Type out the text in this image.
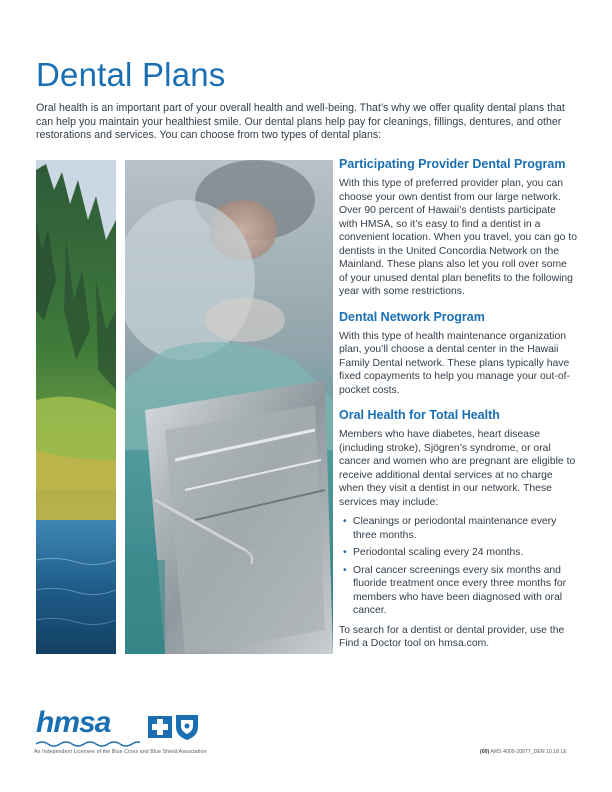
Dental Plans

Oral health is an important part of your overall health and well-being. That’s why we offer quality dental plans that can help you maintain your healthiest smile. Our dental plans help pay for cleanings, fillings, dentures, and other restorations and services. You can choose from two types of dental plans:

Participating Provider Dental Program

With this type of preferred provider plan, you can choose your own dentist from our large network. Over 90 percent of Hawaii’s dentists participate with HMSA, so it’s easy to find a dentist in a convenient location. When you travel, you can go to dentists in the United Concordia Network on the Mainland. These plans also let you roll over some of your unused dental plan benefits to the following year with some restrictions.

Dental Network Program

With this type of health maintenance organization plan, you’ll choose a dental center in the Hawaii Family Dental network. These plans typically have fixed copayments to help you manage your out-of-pocket costs.

Oral Health for Total Health

Members who have diabetes, heart disease (including stroke), Sjögren’s syndrome, or oral cancer and women who are pregnant are eligible to receive additional dental services at no charge when they visit a dentist in our network. These services may include:

• Cleanings or periodontal maintenance every three months.
• Periodontal scaling every 24 months.
• Oral cancer screenings every six months and fluoride treatment once every three months for members who have been diagnosed with oral cancer.

To search for a dentist or dental provider, use the Find a Doctor tool on hmsa.com.

hmsa
An Independent Licensee of the Blue Cross and Blue Shield Association	(00) AMS 4000-20877_DEN 10.18 LE
